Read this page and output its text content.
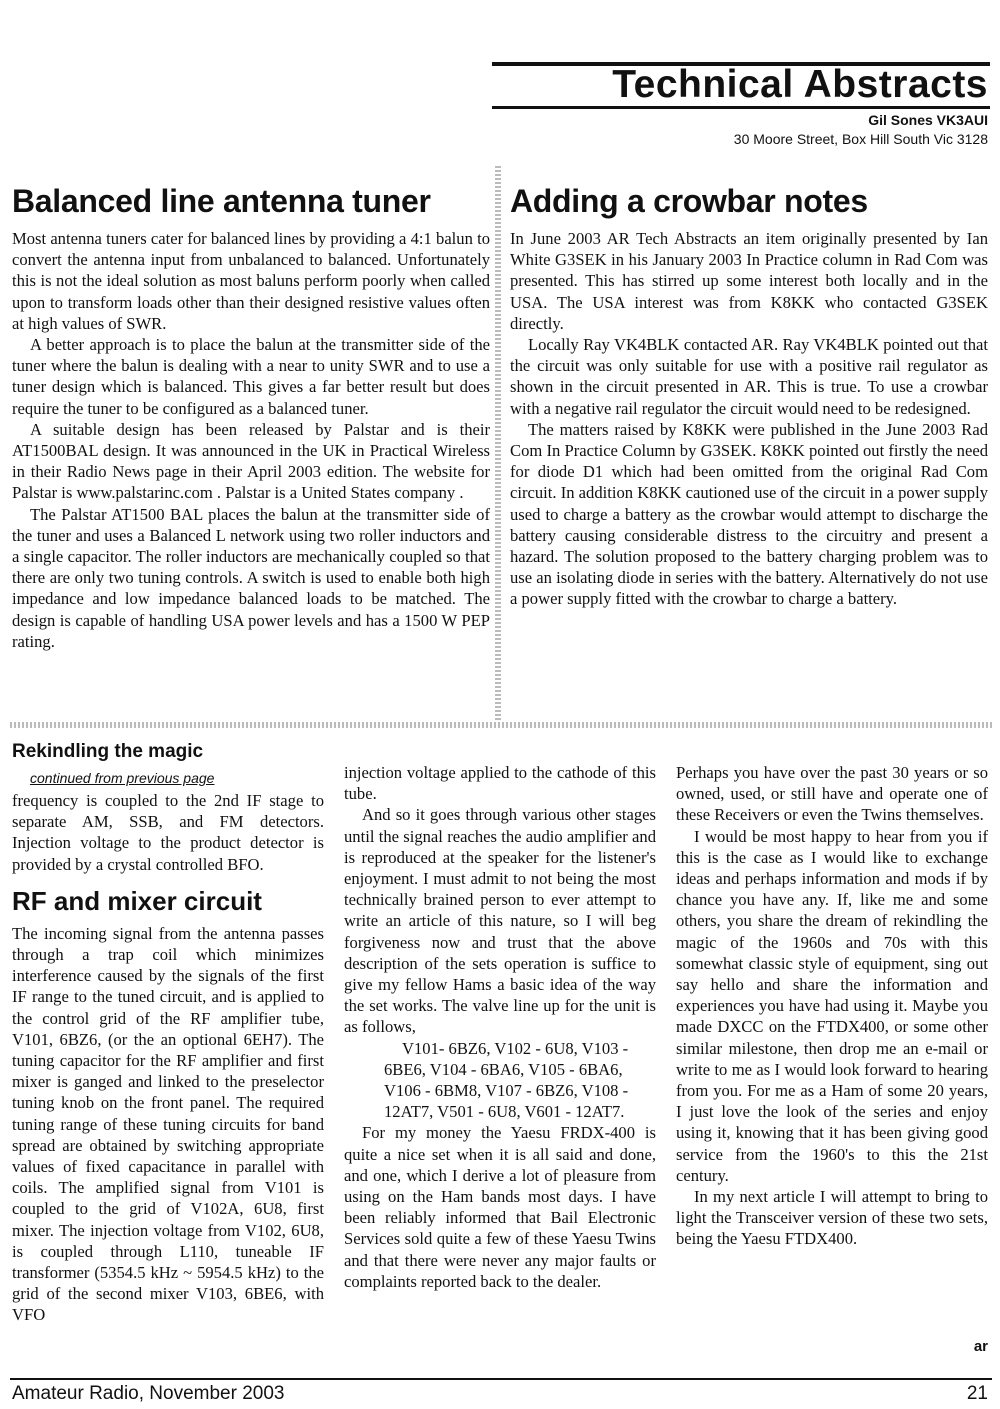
Technical Abstracts
Gil Sones VK3AUI
30 Moore Street, Box Hill South Vic 3128
Balanced line antenna tuner

Most antenna tuners cater for balanced lines by providing a 4:1 balun to convert the antenna input from unbalanced to balanced. Unfortunately this is not the ideal solution as most baluns perform poorly when called upon to transform loads other than their designed resistive values often at high values of SWR.

A better approach is to place the balun at the transmitter side of the tuner where the balun is dealing with a near to unity SWR and to use a tuner design which is balanced. This gives a far better result but does require the tuner to be configured as a balanced tuner.

A suitable design has been released by Palstar and is their AT1500BAL design. It was announced in the UK in Practical Wireless in their Radio News page in their April 2003 edition. The website for Palstar is www.palstarinc.com . Palstar is a United States company .

The Palstar AT1500 BAL places the balun at the transmitter side of the tuner and uses a Balanced L network using two roller inductors and a single capacitor. The roller inductors are mechanically coupled so that there are only two tuning controls. A switch is used to enable both high impedance and low impedance balanced loads to be matched. The design is capable of handling USA power levels and has a 1500 W PEP rating.

Adding a crowbar notes

In June 2003 AR Tech Abstracts an item originally presented by Ian White G3SEK in his January 2003 In Practice column in Rad Com was presented. This has stirred up some interest both locally and in the USA. The USA interest was from K8KK who contacted G3SEK directly.

Locally Ray VK4BLK contacted AR. Ray VK4BLK pointed out that the circuit was only suitable for use with a positive rail regulator as shown in the circuit presented in AR. This is true. To use a crowbar with a negative rail regulator the circuit would need to be redesigned.

The matters raised by K8KK were published in the June 2003 Rad Com In Practice Column by G3SEK. K8KK pointed out firstly the need for diode D1 which had been omitted from the original Rad Com circuit. In addition K8KK cautioned use of the circuit in a power supply used to charge a battery as the crowbar would attempt to discharge the battery causing considerable distress to the circuitry and present a hazard. The solution proposed to the battery charging problem was to use an isolating diode in series with the battery. Alternatively do not use a power supply fitted with the crowbar to charge a battery.

Rekindling the magic
continued from previous page

frequency is coupled to the 2nd IF stage to separate AM, SSB, and FM detectors. Injection voltage to the product detector is provided by a crystal controlled BFO.

RF and mixer circuit

The incoming signal from the antenna passes through a trap coil which minimizes interference caused by the signals of the first IF range to the tuned circuit, and is applied to the control grid of the RF amplifier tube, V101, 6BZ6, (or the an optional 6EH7). The tuning capacitor for the RF amplifier and first mixer is ganged and linked to the preselector tuning knob on the front panel. The required tuning range of these tuning circuits for band spread are obtained by switching appropriate values of fixed capacitance in parallel with coils. The amplified signal from V101 is coupled to the grid of V102A, 6U8, first mixer. The injection voltage from V102, 6U8, is coupled through L110, tuneable IF transformer (5354.5 kHz ~ 5954.5 kHz) to the grid of the second mixer V103, 6BE6, with VFO

injection voltage applied to the cathode of this tube.

And so it goes through various other stages until the signal reaches the audio amplifier and is reproduced at the speaker for the listener's enjoyment. I must admit to not being the most technically brained person to ever attempt to write an article of this nature, so I will beg forgiveness now and trust that the above description of the sets operation is suffice to give my fellow Hams a basic idea of the way the set works. The valve line up for the unit is as follows,

V101- 6BZ6, V102 - 6U8, V103 - 6BE6, V104 - 6BA6, V105 - 6BA6, V106 - 6BM8, V107 - 6BZ6, V108 - 12AT7, V501 - 6U8, V601 - 12AT7.

For my money the Yaesu FRDX-400 is quite a nice set when it is all said and done, and one, which I derive a lot of pleasure from using on the Ham bands most days. I have been reliably informed that Bail Electronic Services sold quite a few of these Yaesu Twins and that there were never any major faults or complaints reported back to the dealer.

Perhaps you have over the past 30 years or so owned, used, or still have and operate one of these Receivers or even the Twins themselves.

I would be most happy to hear from you if this is the case as I would like to exchange ideas and perhaps information and mods if by chance you have any. If, like me and some others, you share the dream of rekindling the magic of the 1960s and 70s with this somewhat classic style of equipment, sing out say hello and share the information and experiences you have had using it. Maybe you made DXCC on the FTDX400, or some other similar milestone, then drop me an e-mail or write to me as I would look forward to hearing from you. For me as a Ham of some 20 years, I just love the look of the series and enjoy using it, knowing that it has been giving good service from the 1960's to this the 21st century.

In my next article I will attempt to bring to light the Transceiver version of these two sets, being the Yaesu FTDX400.

ar
Amateur Radio, November 2003	21
